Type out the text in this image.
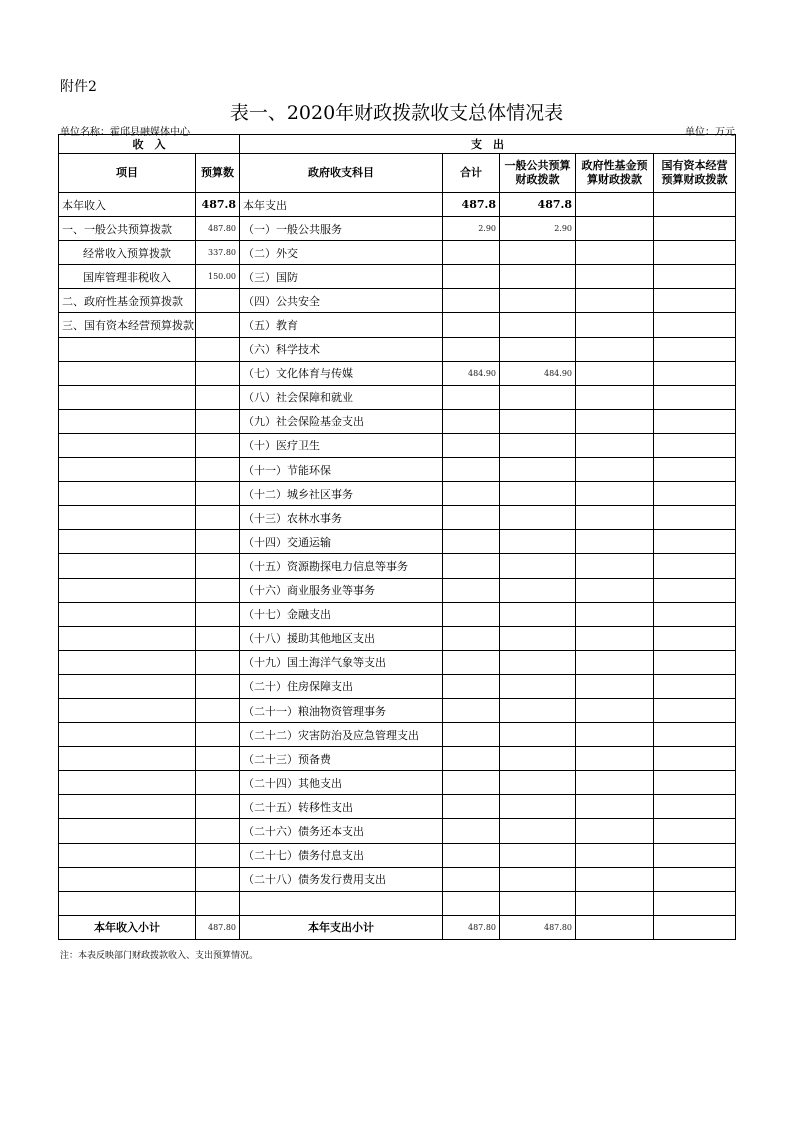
附件2
表一、2020年财政拨款收支总体情况表
单位名称：霍邱县融媒体中心	单位：万元
收　入		支　出				
项目	预算数	政府收支科目	合计	一般公共预算财政拨款	政府性基金预算财政拨款	国有资本经营预算财政拨款
本年收入	487.8	本年支出	487.8	487.8		
一、一般公共预算拨款	487.80	（一）一般公共服务	2.90	2.90		
经常收入预算拨款	337.80	（二）外交				
国库管理非税收入	150.00	（三）国防				
二、政府性基金预算拨款		（四）公共安全				
三、国有资本经营预算拨款		（五）教育				
		（六）科学技术				
		（七）文化体育与传媒	484.90	484.90		
		（八）社会保障和就业				
		（九）社会保险基金支出				
		（十）医疗卫生				
		（十一）节能环保				
		（十二）城乡社区事务				
		（十三）农林水事务				
		（十四）交通运输				
		（十五）资源勘探电力信息等事务				
		（十六）商业服务业等事务				
		（十七）金融支出				
		（十八）援助其他地区支出				
		（十九）国土海洋气象等支出				
		（二十）住房保障支出				
		（二十一）粮油物资管理事务				
		（二十二）灾害防治及应急管理支出				
		（二十三）预备费				
		（二十四）其他支出				
		（二十五）转移性支出				
		（二十六）债务还本支出				
		（二十七）债务付息支出				
		（二十八）债务发行费用支出				

本年收入小计	487.80	本年支出小计	487.80	487.80		
注：本表反映部门财政拨款收入、支出预算情况。
